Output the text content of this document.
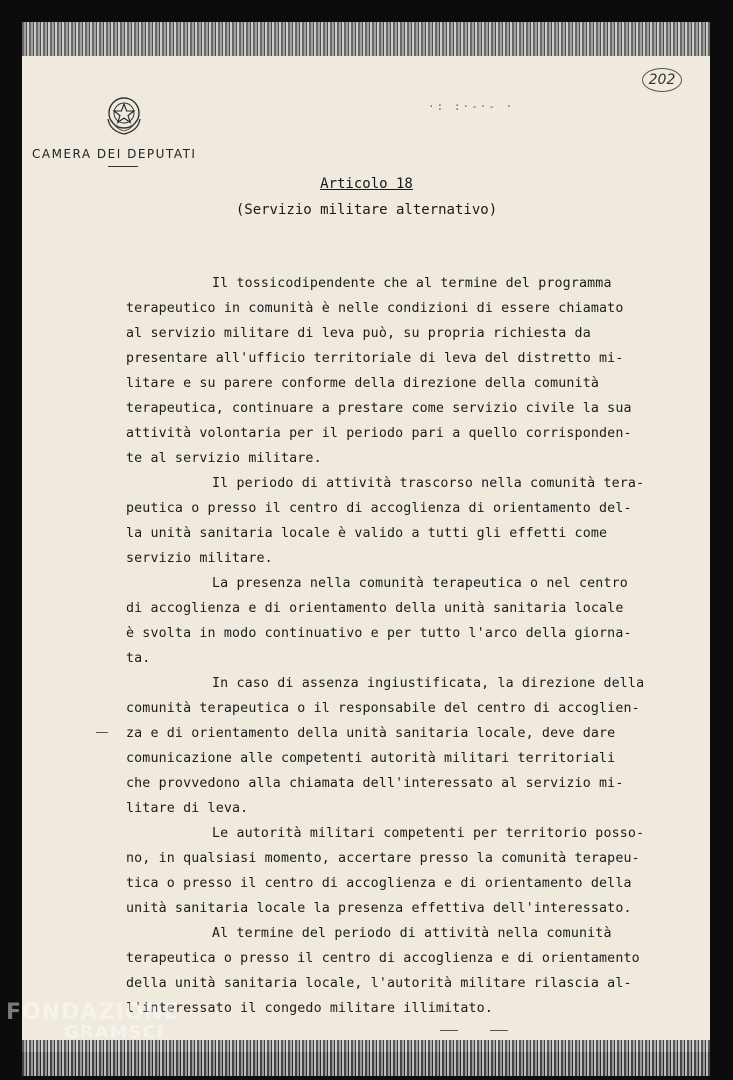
CAMERA DEI DEPUTATI
202
·: :·-·- ·
Articolo 18
(Servizio militare alternativo)
Il tossicodipendente che al termine del programma
terapeutico in comunità è nelle condizioni di essere chiamato
al servizio militare di leva può, su propria richiesta da
presentare all'ufficio territoriale di leva del distretto mi-
litare e su parere conforme della direzione della comunità
terapeutica, continuare a prestare come servizio civile la sua
attività volontaria per il periodo pari a quello corrisponden-
te al servizio militare.
Il periodo di attività trascorso nella comunità tera-
peutica o presso il centro di accoglienza di orientamento del-
la unità sanitaria locale è valido a tutti gli effetti come
servizio militare.
La presenza nella comunità terapeutica o nel centro
di accoglienza e di orientamento della unità sanitaria locale
è svolta in modo continuativo e per tutto l'arco della giorna-
ta.
In caso di assenza ingiustificata, la direzione della
comunità terapeutica o il responsabile del centro di accoglien-
za e di orientamento della unità sanitaria locale, deve dare
comunicazione alle competenti autorità militari territoriali
che provvedono alla chiamata dell'interessato al servizio mi-
litare di leva.
Le autorità militari competenti per territorio posso-
no, in qualsiasi momento, accertare presso la comunità terapeu-
tica o presso il centro di accoglienza e di orientamento della
unità sanitaria locale la presenza effettiva dell'interessato.
Al termine del periodo di attività nella comunità
terapeutica o presso il centro di accoglienza e di orientamento
della unità sanitaria locale, l'autorità militare rilascia al-
l'interessato il congedo militare illimitato.
FONDAZIONE
GRAMSCI
